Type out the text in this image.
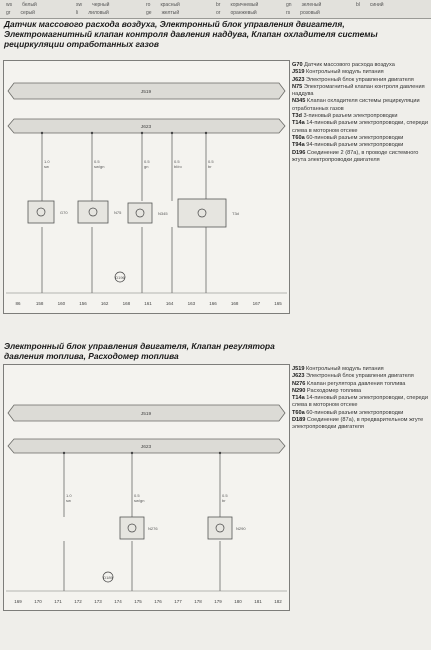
ws белый	sw черный	ro красный	br коричневый	gn зеленый	bl синий
gr серый	li лиловый	ge желтый	or оранжевый	rs розовый
Датчик массового расхода воздуха, Электронный блок управления двигателя,
Электромагнитный клапан контроля давления наддува, Клапан охладителя системы
рециркуляции отработанных газов
J519
J623
1.0
sw
0.5
sw/gn
0.5
gn
0.5
bl/ro
0.5
br
G70	N75	N345	T3d
D196
86	158	160	156	162	168	161	164	163	166	168	167	165

G70 Датчик массового расхода воздуха

J519 Контрольный модуль питания

J623 Электронный блок управления двигателя

N75 Электромагнитный клапан контроля давления наддува

N345 Клапан охладителя системы рециркуляции отработанных газов

T3d 3-пиновый разъем электропроводки

T14a 14-пиновый разъем электропроводки, спереди слева в моторном отсеке

T60a 60-пиновый разъем электропроводки

T94a 94-пиновый разъем электропроводки

D196 Соединение 2 (87a), в проводе системного жгута электропроводки двигателя

Электронный блок управления двигателя, Клапан регулятора
давления топлива, Расходомер топлива
J519
J623
1.0
sw
0.5
sw/gn
0.5
br
N276	N290
D189
169	170	171	172	173	174	175	176	177	178	179	180	181	182

J519 Контрольный модуль питания

J623 Электронный блок управления двигателя

N276 Клапан регулятора давления топлива

N290 Расходомер топлива

T14a 14-пиновый разъем электропроводки, спереди слева в моторном отсеке

T60a 60-пиновый разъем электропроводки

D189 Соединение (87a), в предварительном жгуте электропроводки двигателя
